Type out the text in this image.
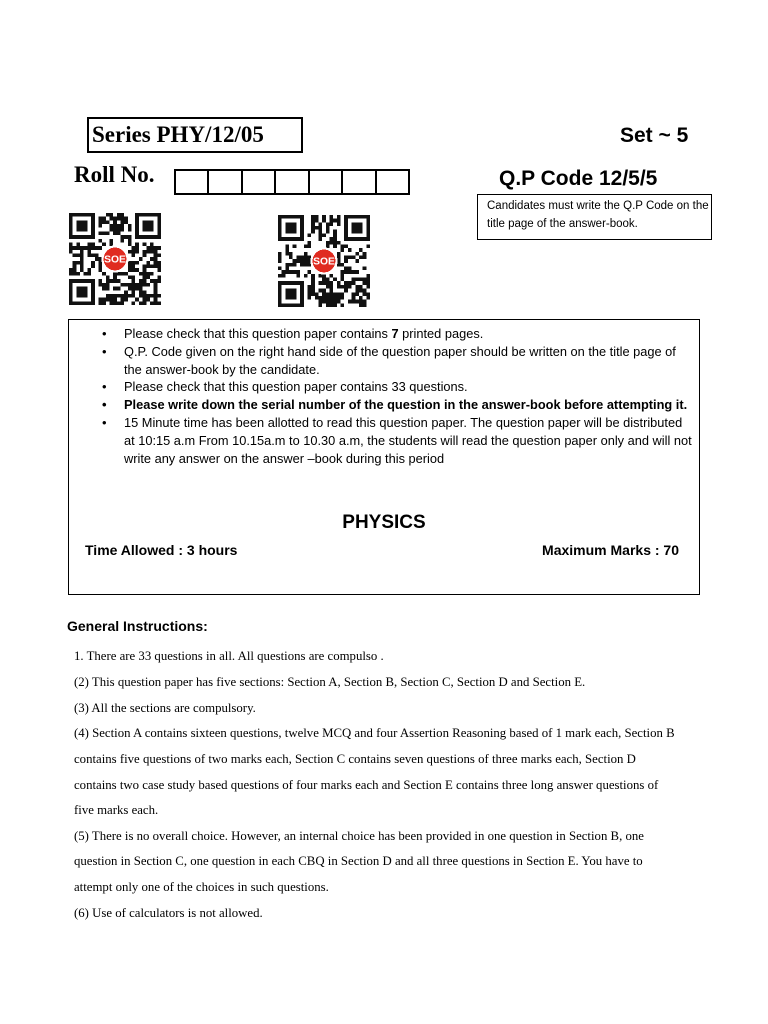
Series PHY/12/05	Set ~ 5
Roll No.	Q.P Code 12/5/5
Candidates must write the Q.P Code on the title page of the answer-book.
SOE	SOE
• Please check that this question paper contains 7 printed pages.
• Q.P. Code given on the right hand side of the question paper should be written on the title page of the answer-book by the candidate.
• Please check that this question paper contains 33 questions.
• Please write down the serial number of the question in the answer-book before attempting it.
• 15 Minute time has been allotted to read this question paper. The question paper will be distributed at 10:15 a.m From 10.15a.m to 10.30 a.m, the students will read the question paper only and will not write any answer on the answer –book during this period
PHYSICS
Time Allowed : 3 hours	Maximum Marks : 70
General Instructions:
1. There are 33 questions in all. All questions are compulso .
(2) This question paper has five sections: Section A, Section B, Section C, Section D and Section E.
(3) All the sections are compulsory.
(4) Section A contains sixteen questions, twelve MCQ and four Assertion Reasoning based of 1 mark each, Section B
contains five questions of two marks each, Section C contains seven questions of three marks each, Section D
contains two case study based questions of four marks each and Section E contains three long answer questions of
five marks each.
(5) There is no overall choice. However, an internal choice has been provided in one question in Section B, one
question in Section C, one question in each CBQ in Section D and all three questions in Section E. You have to
attempt only one of the choices in such questions.
(6) Use of calculators is not allowed.
